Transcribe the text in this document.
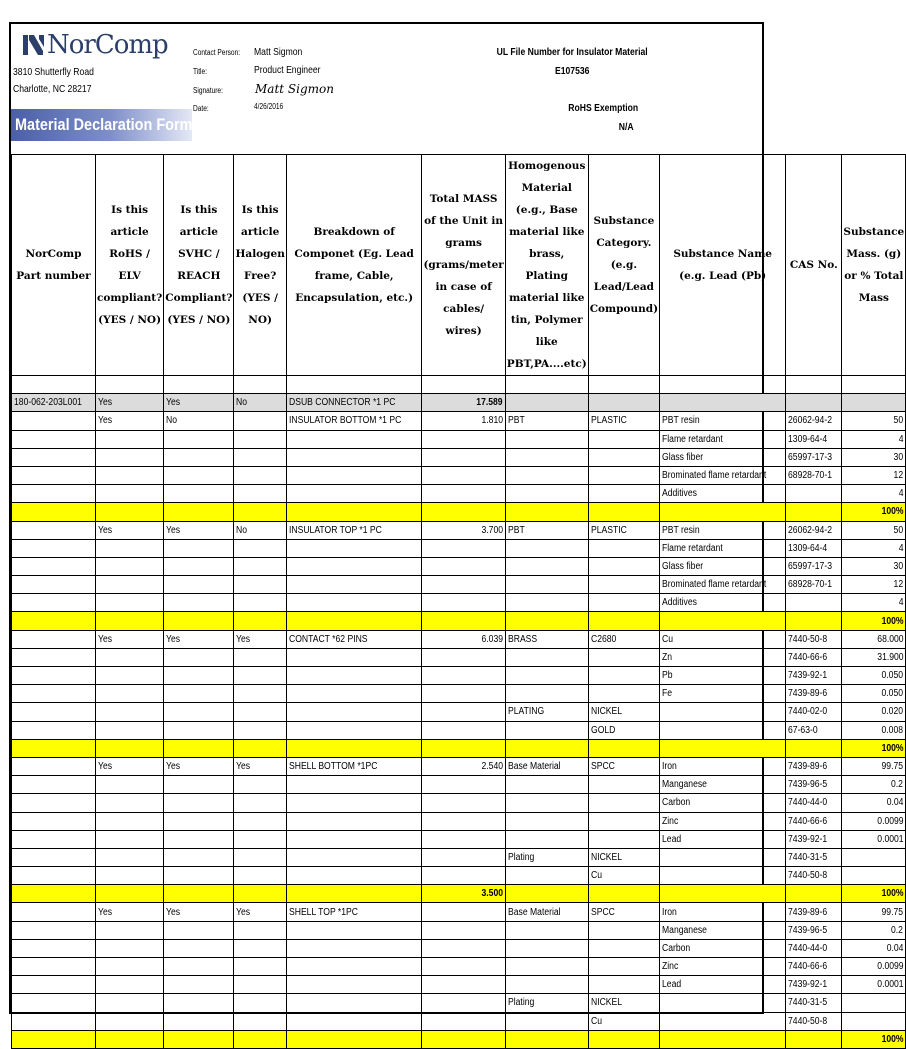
NorComp
3810 Shutterfly Road
Charlotte, NC 28217
Material Declaration Form
Contact Person:
Title:
Signature:
Date:
Matt Sigmon
Product Engineer
Matt Sigmon
4/26/2016
UL File Number for Insulator Material
E107536
RoHS Exemption
N/A
NorComp Part number	Is this article RoHS / ELV compliant? (YES / NO)	Is this article SVHC / REACH Compliant? (YES / NO)	Is this article Halogen Free? (YES / NO)	Breakdown of Componet (Eg. Lead frame, Cable, Encapsulation, etc.)	Total MASS of the Unit in grams (grams/meter in case of cables/ wires)	Homogenous Material (e.g., Base material like brass, Plating material like tin, Polymer like PBT,PA....etc)	Substance Category. (e.g. Lead/Lead Compound)	Substance Name (e.g. Lead (Pb)	CAS No.	Substance Mass. (g) or % Total Mass

180-062-203L001	Yes	Yes	No	DSUB CONNECTOR *1 PC	17.589					
	Yes	No		INSULATOR BOTTOM *1 PC	1.810	PBT	PLASTIC	PBT resin	26062-94-2	50
								Flame retardant	1309-64-4	4
								Glass fiber	65997-17-3	30
								Brominated flame retardant	68928-70-1	12
								Additives		4
										100%
	Yes	Yes	No	INSULATOR TOP *1 PC	3.700	PBT	PLASTIC	PBT resin	26062-94-2	50
								Flame retardant	1309-64-4	4
								Glass fiber	65997-17-3	30
								Brominated flame retardant	68928-70-1	12
								Additives		4
										100%
	Yes	Yes	Yes	CONTACT *62 PINS	6.039	BRASS	C2680	Cu	7440-50-8	68.000
								Zn	7440-66-6	31.900
								Pb	7439-92-1	0.050
								Fe	7439-89-6	0.050
						PLATING	NICKEL		7440-02-0	0.020
							GOLD		67-63-0	0.008
										100%
	Yes	Yes	Yes	SHELL BOTTOM *1PC	2.540	Base Material	SPCC	Iron	7439-89-6	99.75
								Manganese	7439-96-5	0.2
								Carbon	7440-44-0	0.04
								Zinc	7440-66-6	0.0099
								Lead	7439-92-1	0.0001
						Plating	NICKEL		7440-31-5	
							Cu		7440-50-8	
					3.500					100%
	Yes	Yes	Yes	SHELL TOP *1PC		Base Material	SPCC	Iron	7439-89-6	99.75
								Manganese	7439-96-5	0.2
								Carbon	7440-44-0	0.04
								Zinc	7440-66-6	0.0099
								Lead	7439-92-1	0.0001
						Plating	NICKEL		7440-31-5	
							Cu		7440-50-8	
										100%
